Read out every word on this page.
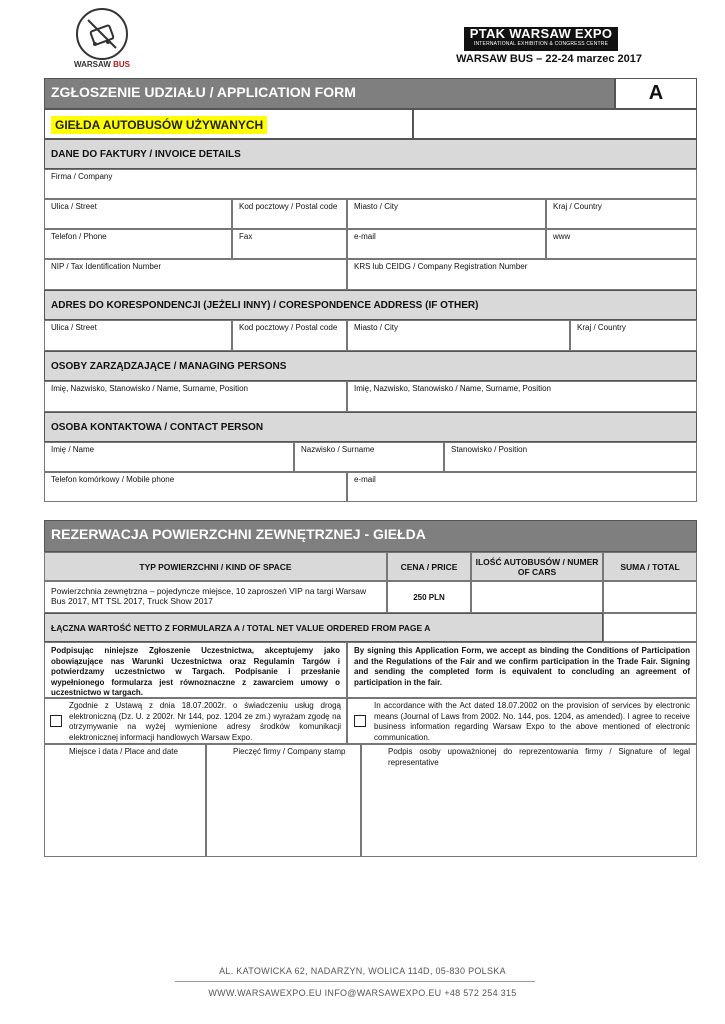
WARSAW BUS
PTAK WARSAW EXPO
INTERNATIONAL EXHIBITION & CONGRESS CENTRE
WARSAW BUS – 22-24 marzec 2017
ZGŁOSZENIE UDZIAŁU / APPLICATION FORM	A
GIEŁDA AUTOBUSÓW UŻYWANYCH
DANE DO FAKTURY / INVOICE DETAILS
Firma / Company
Ulica / Street	Kod pocztowy / Postal code	Miasto / City	Kraj / Country
Telefon / Phone	Fax	e-mail	www
NIP / Tax Identification Number	KRS lub CEIDG / Company Registration Number
ADRES DO KORESPONDENCJI (JEŻELI INNY) / CORESPONDENCE ADDRESS (IF OTHER)
Ulica / Street	Kod pocztowy / Postal code	Miasto / City	Kraj / Country
OSOBY ZARZĄDZAJĄCE / MANAGING PERSONS
Imię, Nazwisko, Stanowisko / Name, Surname, Position	Imię, Nazwisko, Stanowisko / Name, Surname, Position
OSOBA KONTAKTOWA / CONTACT PERSON
Imię / Name	Nazwisko / Surname	Stanowisko / Position
Telefon komórkowy / Mobile phone	e-mail
REZERWACJA POWIERZCHNI ZEWNĘTRZNEJ - GIEŁDA
TYP POWIERZCHNI / KIND OF SPACE	CENA / PRICE	ILOŚĆ AUTOBUSÓW / NUMER OF CARS	SUMA / TOTAL
Powierzchnia zewnętrzna – pojedyncze miejsce, 10 zaproszeń VIP na targi Warsaw Bus 2017, MT TSL 2017, Truck Show 2017	250 PLN
ŁĄCZNA WARTOŚĆ NETTO Z FORMULARZA A / TOTAL NET VALUE ORDERED FROM PAGE A
Podpisując niniejsze Zgłoszenie Uczestnictwa, akceptujemy jako obowiązujące nas Warunki Uczestnictwa oraz Regulamin Targów i potwierdzamy uczestnictwo w Targach. Podpisanie i przesłanie wypełnionego formularza jest równoznaczne z zawarciem umowy o uczestnictwo w targach.
By signing this Application Form, we accept as binding the Conditions of Participation and the Regulations of the Fair and we confirm participation in the Trade Fair. Signing and sending the completed form is equivalent to concluding an agreement of participation in the fair.
Zgodnie z Ustawą z dnia 18.07.2002r. o świadczeniu usług drogą elektroniczną (Dz. U. z 2002r. Nr 144, poz. 1204 ze zm.) wyrażam zgodę na otrzymywanie na wyżej wymienione adresy środków komunikacji elektronicznej informacji handlowych Warsaw Expo.
In accordance with the Act dated 18.07.2002 on the provision of services by electronic means (Journal of Laws from 2002. No. 144, pos. 1204, as amended). I agree to receive business information regarding Warsaw Expo to the above mentioned of electronic communication.
Miejsce i data / Place and date	Pieczęć firmy / Company stamp	Podpis osoby upoważnionej do reprezentowania firmy / Signature of legal representative
AL. KATOWICKA 62, NADARZYN, WOLICA 114D, 05-830 POLSKA
WWW.WARSAWEXPO.EU INFO@WARSAWEXPO.EU +48 572 254 315
